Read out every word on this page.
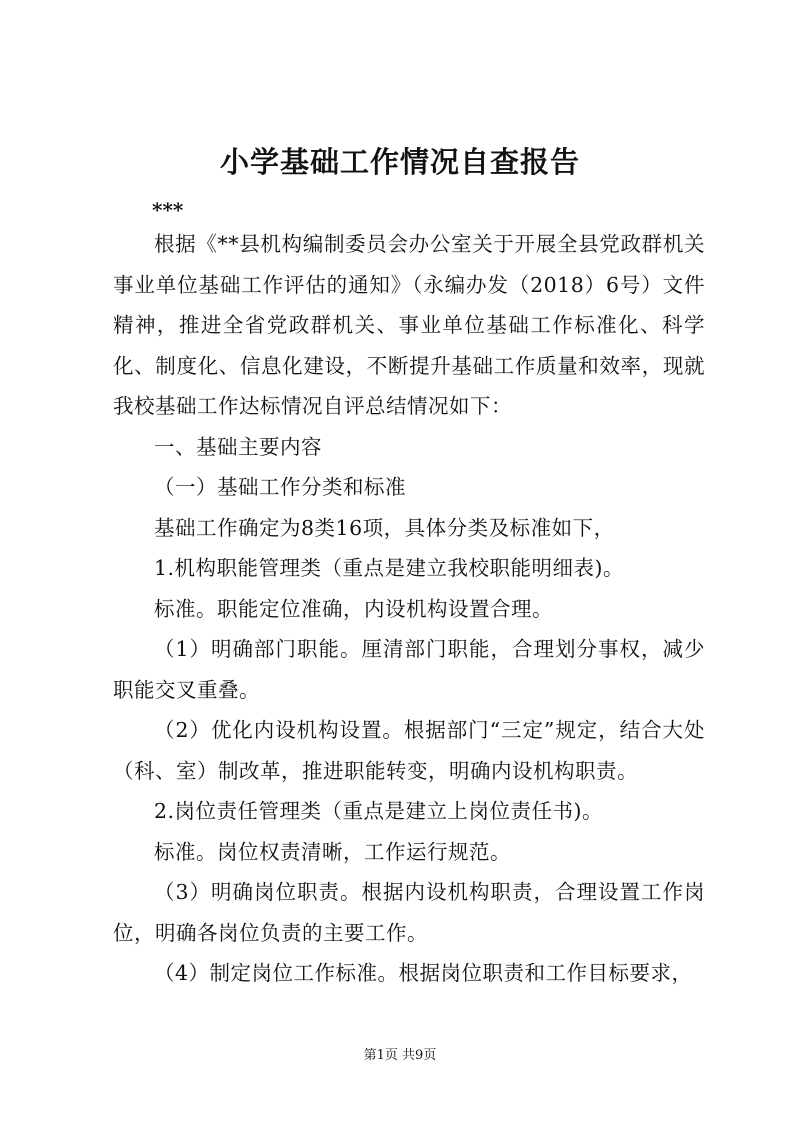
小学基础工作情况自查报告
***

根据《**县机构编制委员会办公室关于开展全县党政群机关事业单位基础工作评估的通知》（永编办发（2018）6号）文件精神，推进全省党政群机关、事业单位基础工作标准化、科学化、制度化、信息化建设，不断提升基础工作质量和效率，现就我校基础工作达标情况自评总结情况如下：

一、基础主要内容

（一）基础工作分类和标准

基础工作确定为8类16项，具体分类及标准如下，

1.机构职能管理类（重点是建立我校职能明细表)。

标准。职能定位准确，内设机构设置合理。

（1）明确部门职能。厘清部门职能，合理划分事权，减少职能交叉重叠。

（2）优化内设机构设置。根据部门“三定”规定，结合大处（科、室）制改革，推进职能转变，明确内设机构职责。

2.岗位责任管理类（重点是建立上岗位责任书)。

标准。岗位权责清晰，工作运行规范。

（3）明确岗位职责。根据内设机构职责，合理设置工作岗位，明确各岗位负责的主要工作。

（4）制定岗位工作标准。根据岗位职责和工作目标要求，

第1页 共9页
